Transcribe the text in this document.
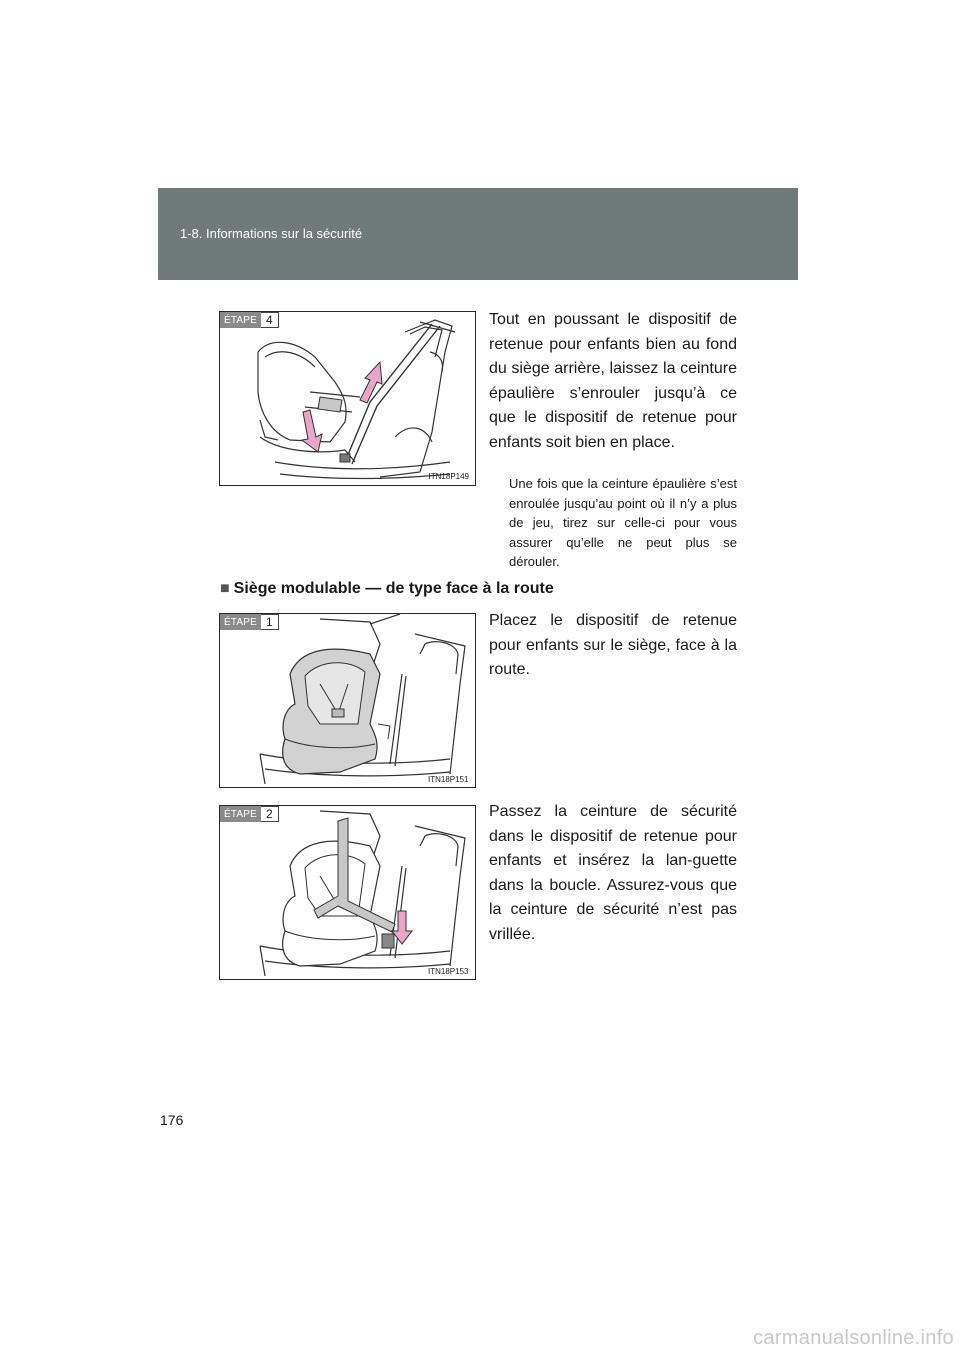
1-8. Informations sur la sécurité
ÉTAPE 4
ITN18P149
Tout en poussant le dispositif de retenue pour enfants bien au fond du siège arrière, laissez la ceinture épaulière s’enrouler jusqu’à ce que le dispositif de retenue pour enfants soit bien en place.
Une fois que la ceinture épaulière s’est enroulée jusqu’au point où il n’y a plus de jeu, tirez sur celle-ci pour vous assurer qu’elle ne peut plus se dérouler.
■ Siège modulable — de type face à la route
ÉTAPE 1
ITN18P151
Placez le dispositif de retenue pour enfants sur le siège, face à la route.
ÉTAPE 2
ITN18P153
Passez la ceinture de sécurité dans le dispositif de retenue pour enfants et insérez la lan-guette dans la boucle. Assurez-vous que la ceinture de sécurité n’est pas vrillée.
176
carmanualsonline.info
